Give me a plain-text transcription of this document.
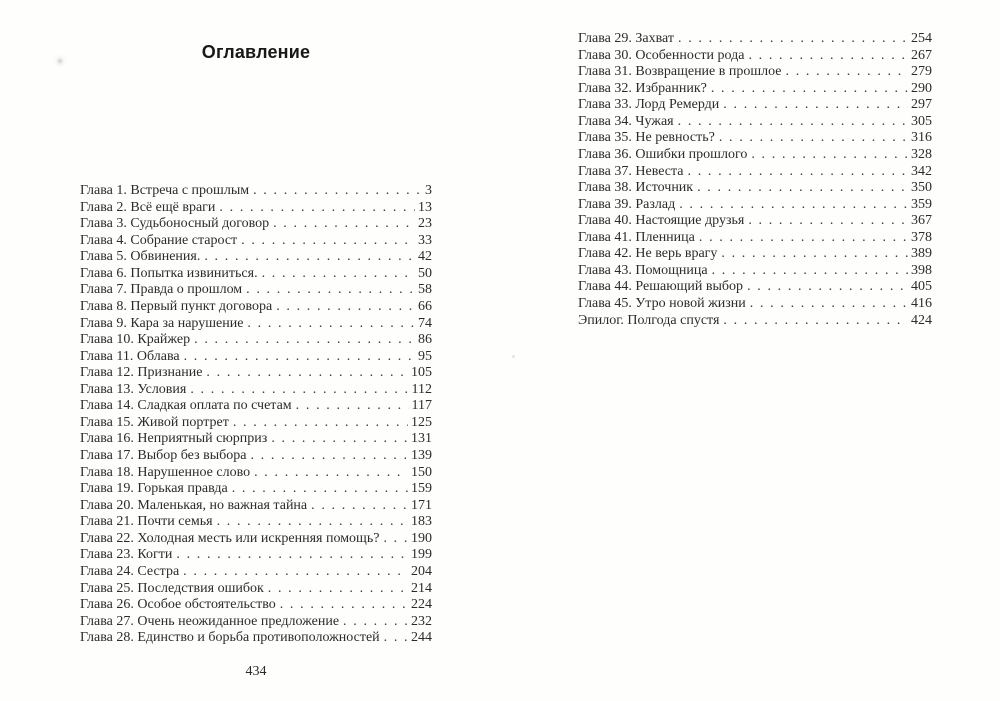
Оглавление
Глава 1. Встреча с прошлым . . .	3
Глава 2. Всё ещё враги . . .	13
Глава 3. Судьбоносный договор . . .	23
Глава 4. Собрание старост . . .	33
Глава 5. Обвинения. . . .	42
Глава 6. Попытка извиниться. . . .	50
Глава 7. Правда о прошлом . . .	58
Глава 8. Первый пункт договора . . .	66
Глава 9. Кара за нарушение . . .	74
Глава 10. Крайжер . . .	86
Глава 11. Облава . . .	95
Глава 12. Признание . . .	105
Глава 13. Условия . . .	112
Глава 14. Сладкая оплата по счетам . . .	117
Глава 15. Живой портрет . . .	125
Глава 16. Неприятный сюрприз . . .	131
Глава 17. Выбор без выбора . . .	139
Глава 18. Нарушенное слово . . .	150
Глава 19. Горькая правда . . .	159
Глава 20. Маленькая, но важная тайна . . .	171
Глава 21. Почти семья . . .	183
Глава 22. Холодная месть или искренняя помощь? . . . 190
Глава 23. Когти . . .	199
Глава 24. Сестра . . .	204
Глава 25. Последствия ошибок . . .	214
Глава 26. Особое обстоятельство . . .	224
Глава 27. Очень неожиданное предложение . . .	232
Глава 28. Единство и борьба противоположностей . . . 244
Глава 29. Захват . . .	254
Глава 30. Особенности рода . . .	267
Глава 31. Возвращение в прошлое . . .	279
Глава 32. Избранник? . . .	290
Глава 33. Лорд Ремерди . . .	297
Глава 34. Чужая . . .	305
Глава 35. Не ревность? . . .	316
Глава 36. Ошибки прошлого . . .	328
Глава 37. Невеста . . .	342
Глава 38. Источник . . .	350
Глава 39. Разлад . . .	359
Глава 40. Настоящие друзья . . .	367
Глава 41. Пленница . . .	378
Глава 42. Не верь врагу . . .	389
Глава 43. Помощница . . .	398
Глава 44. Решающий выбор . . .	405
Глава 45. Утро новой жизни . . .	416
Эпилог. Полгода спустя . . .	424
434
